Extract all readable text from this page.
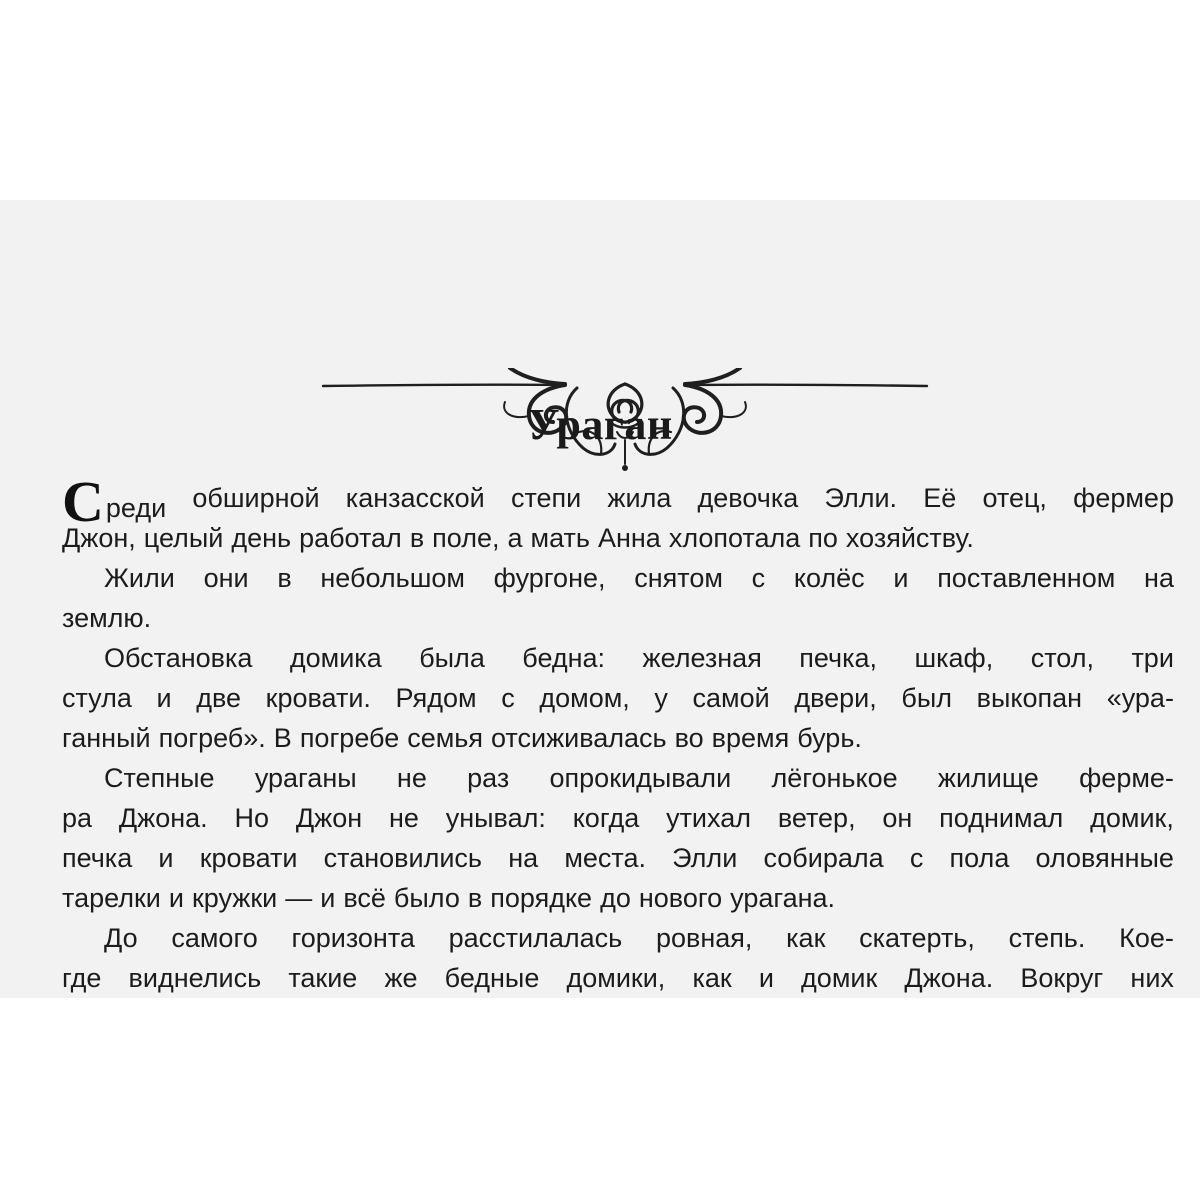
Ураган
Среди обширной канзасской степи жила девочка Элли. Её отец, фермер
Джон, целый день работал в поле, а мать Анна хлопотала по хозяйству.
Жили они в небольшом фургоне, снятом с колёс и поставленном на
землю.
Обстановка домика была бедна: железная печка, шкаф, стол, три
стула и две кровати. Рядом с домом, у самой двери, был выкопан «ура-
ганный погреб». В погребе семья отсиживалась во время бурь.
Степные ураганы не раз опрокидывали лёгонькое жилище ферме-
ра Джона. Но Джон не унывал: когда утихал ветер, он поднимал домик,
печка и кровати становились на места. Элли собирала с пола оловянные
тарелки и кружки — и всё было в порядке до нового урагана.
До самого горизонта расстилалась ровная, как скатерть, степь. Кое-
где виднелись такие же бедные домики, как и домик Джона. Вокруг них
